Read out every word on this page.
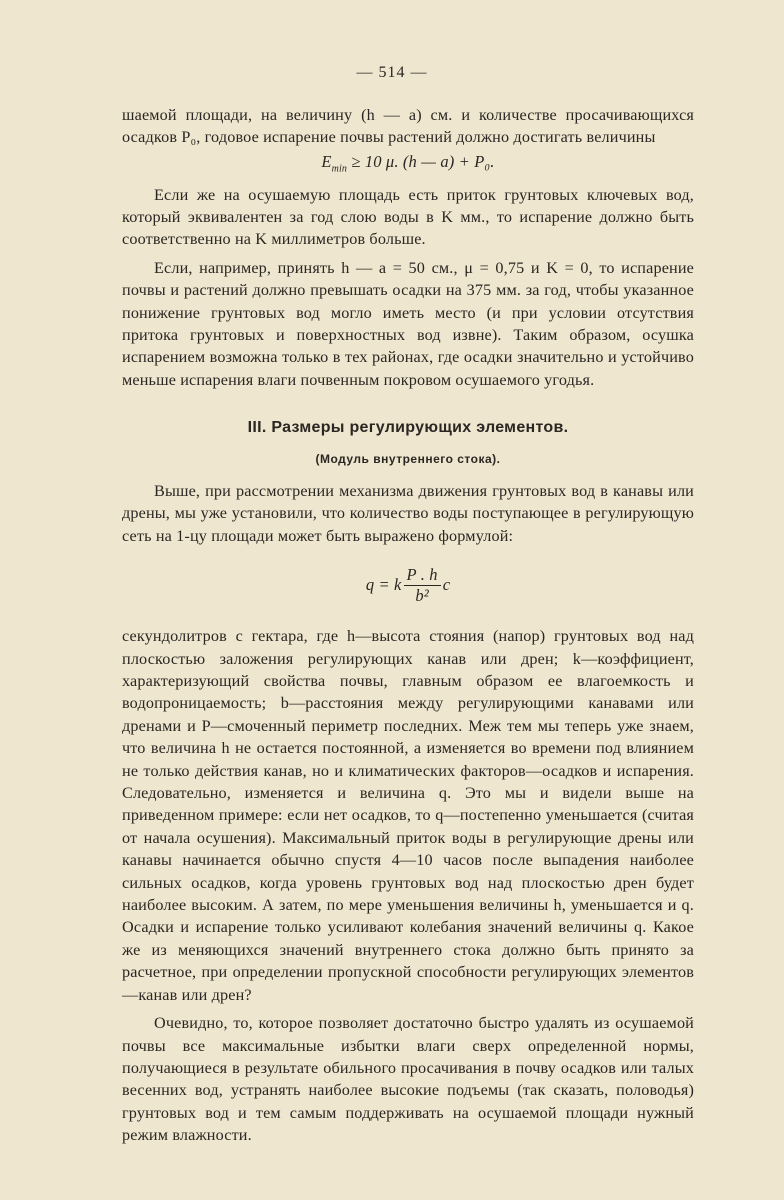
— 514 —

шаемой площади, на величину (h — a) см. и количестве просачивающихся осадков P₀, годовое испарение почвы растений должно достигать величины

$E_{min} \ge 10$ μ. (h — a) + P₀.

Если же на осушаемую площадь есть приток грунтовых ключевых вод, который эквивалентен за год слою воды в K мм., то испарение должно быть соответственно на K миллиметров больше.

Если, например, принять h — a = 50 см., μ = 0,75 и K = 0, то испарение почвы и растений должно превышать осадки на 375 мм. за год, чтобы указанное понижение грунтовых вод могло иметь место (и при условии отсутствия притока грунтовых и поверхностных вод извне). Таким образом, осушка испарением возможна только в тех районах, где осадки значительно и устойчиво меньше испарения влаги почвенным покровом осушаемого угодья.

III. Размеры регулирующих элементов.
(Модуль внутреннего стока).

Выше, при рассмотрении механизма движения грунтовых вод в канавы или дрены, мы уже установили, что количество воды поступающее в регулирующую сеть на 1-цу площади может быть выражено формулой:

q = k $\frac{P . h}{\text{b²}}$ c

секундолитров с гектара, где h—высота стояния (напор) грунтовых вод над плоскостью заложения регулирующих канав или дрен; k—коэффициент, характеризующий свойства почвы, главным образом ее влагоемкость и водопроницаемость; b—расстояния между регулирующими канавами или дренами и P—смоченный периметр последних. Меж тем мы теперь уже знаем, что величина h не остается постоянной, а изменяется во времени под влиянием не только действия канав, но и климатических факторов—осадков и испарения. Следовательно, изменяется и величина q. Это мы и видели выше на приведенном примере: если нет осадков, то q—постепенно уменьшается (считая от начала осушения). Максимальный приток воды в регулирующие дрены или канавы начинается обычно спустя 4—10 часов после выпадения наиболее сильных осадков, когда уровень грунтовых вод над плоскостью дрен будет наиболее высоким. А затем, по мере уменьшения величины h, уменьшается и q. Осадки и испарение только усиливают колебания значений величины q. Какое же из меняющихся значений внутреннего стока должно быть принято за расчетное, при определении пропускной способности регулирующих элементов—канав или дрен?

Очевидно, то, которое позволяет достаточно быстро удалять из осушаемой почвы все максимальные избытки влаги сверх определенной нормы, получающиеся в результате обильного просачивания в почву осадков или талых весенних вод, устранять наиболее высокие подъемы (так сказать, половодья) грунтовых вод и тем самым поддерживать на осушаемой площади нужный режим влажности.
